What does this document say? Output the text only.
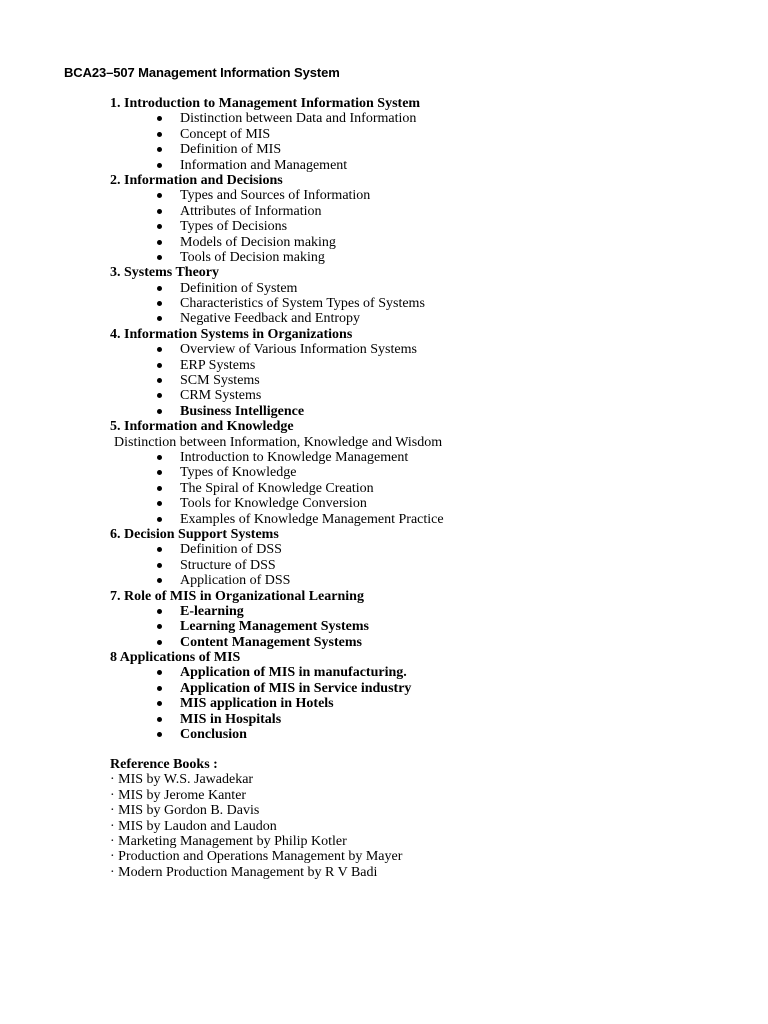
BCA23–507 Management Information System
1. Introduction to Management Information System
Distinction between Data and Information
Concept of MIS
Definition of MIS
Information and Management
2. Information and Decisions
Types and Sources of Information
Attributes of Information
Types of Decisions
Models of Decision making
Tools of Decision making
3. Systems Theory
Definition of System
Characteristics of System Types of Systems
Negative Feedback and Entropy
4. Information Systems in Organizations
Overview of Various Information Systems
ERP Systems
SCM Systems
CRM Systems
Business Intelligence
5. Information and Knowledge
Distinction between Information, Knowledge and Wisdom
Introduction to Knowledge Management
Types of Knowledge
The Spiral of Knowledge Creation
Tools for Knowledge Conversion
Examples of Knowledge Management Practice
6. Decision Support Systems
Definition of DSS
Structure of DSS
Application of DSS
7. Role of MIS in Organizational Learning
E-learning
Learning Management Systems
Content Management Systems
8 Applications of MIS
Application of MIS in manufacturing.
Application of MIS in Service industry
MIS application in Hotels
MIS in Hospitals
Conclusion
Reference Books :
· MIS by W.S. Jawadekar
· MIS by Jerome Kanter
· MIS by Gordon B. Davis
· MIS by Laudon and Laudon
· Marketing Management by Philip Kotler
· Production and Operations Management by Mayer
· Modern Production Management by R V Badi
